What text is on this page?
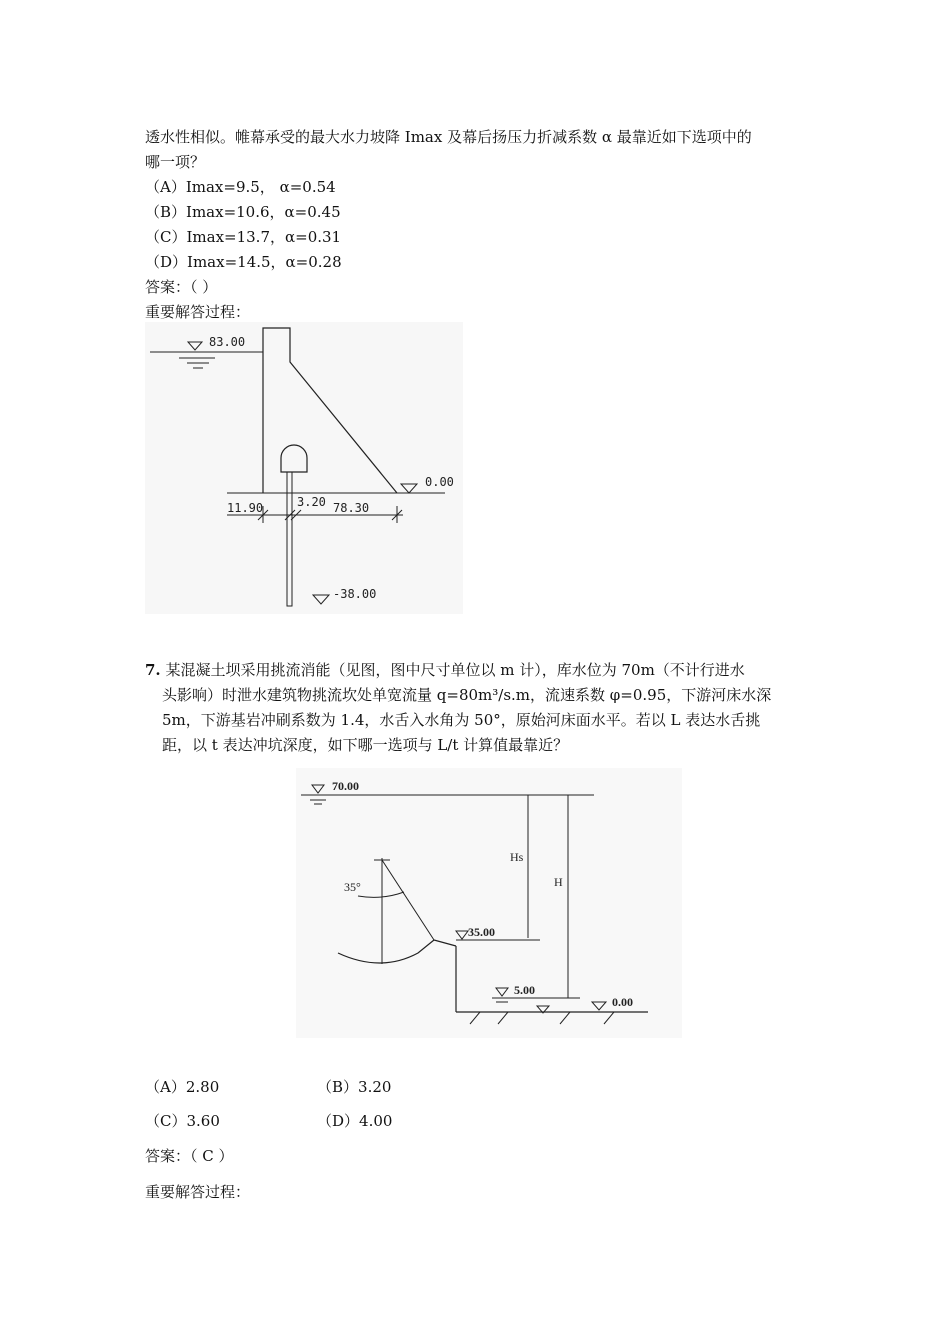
透水性相似。帷幕承受的最大水力坡降 Imax 及幕后扬压力折减系数 α 最靠近如下选项中的
哪一项？
（A）Imax=9.5， α=0.54
（B）Imax=10.6，α=0.45
（C）Imax=13.7，α=0.31
（D）Imax=14.5，α=0.28
答案：（ ）
重要解答过程：
83.00
0.00
11.90	3.20 78.30
-38.00
7. 某混凝土坝采用挑流消能（见图，图中尺寸单位以 m 计），库水位为 70m（不计行进水
头影响）时泄水建筑物挑流坎处单宽流量 q=80m³/s.m，流速系数 φ=0.95，下游河床水深
5m，下游基岩冲刷系数为 1.4，水舌入水角为 50°，原始河床面水平。若以 L 表达水舌挑
距，以 t 表达冲坑深度，如下哪一选项与 L/t 计算值最靠近？
70.00
Hs
H
35°
35.00
5.00
0.00
（A）2.80	（B）3.20
（C）3.60	（D）4.00
答案：（ C ）
重要解答过程：
